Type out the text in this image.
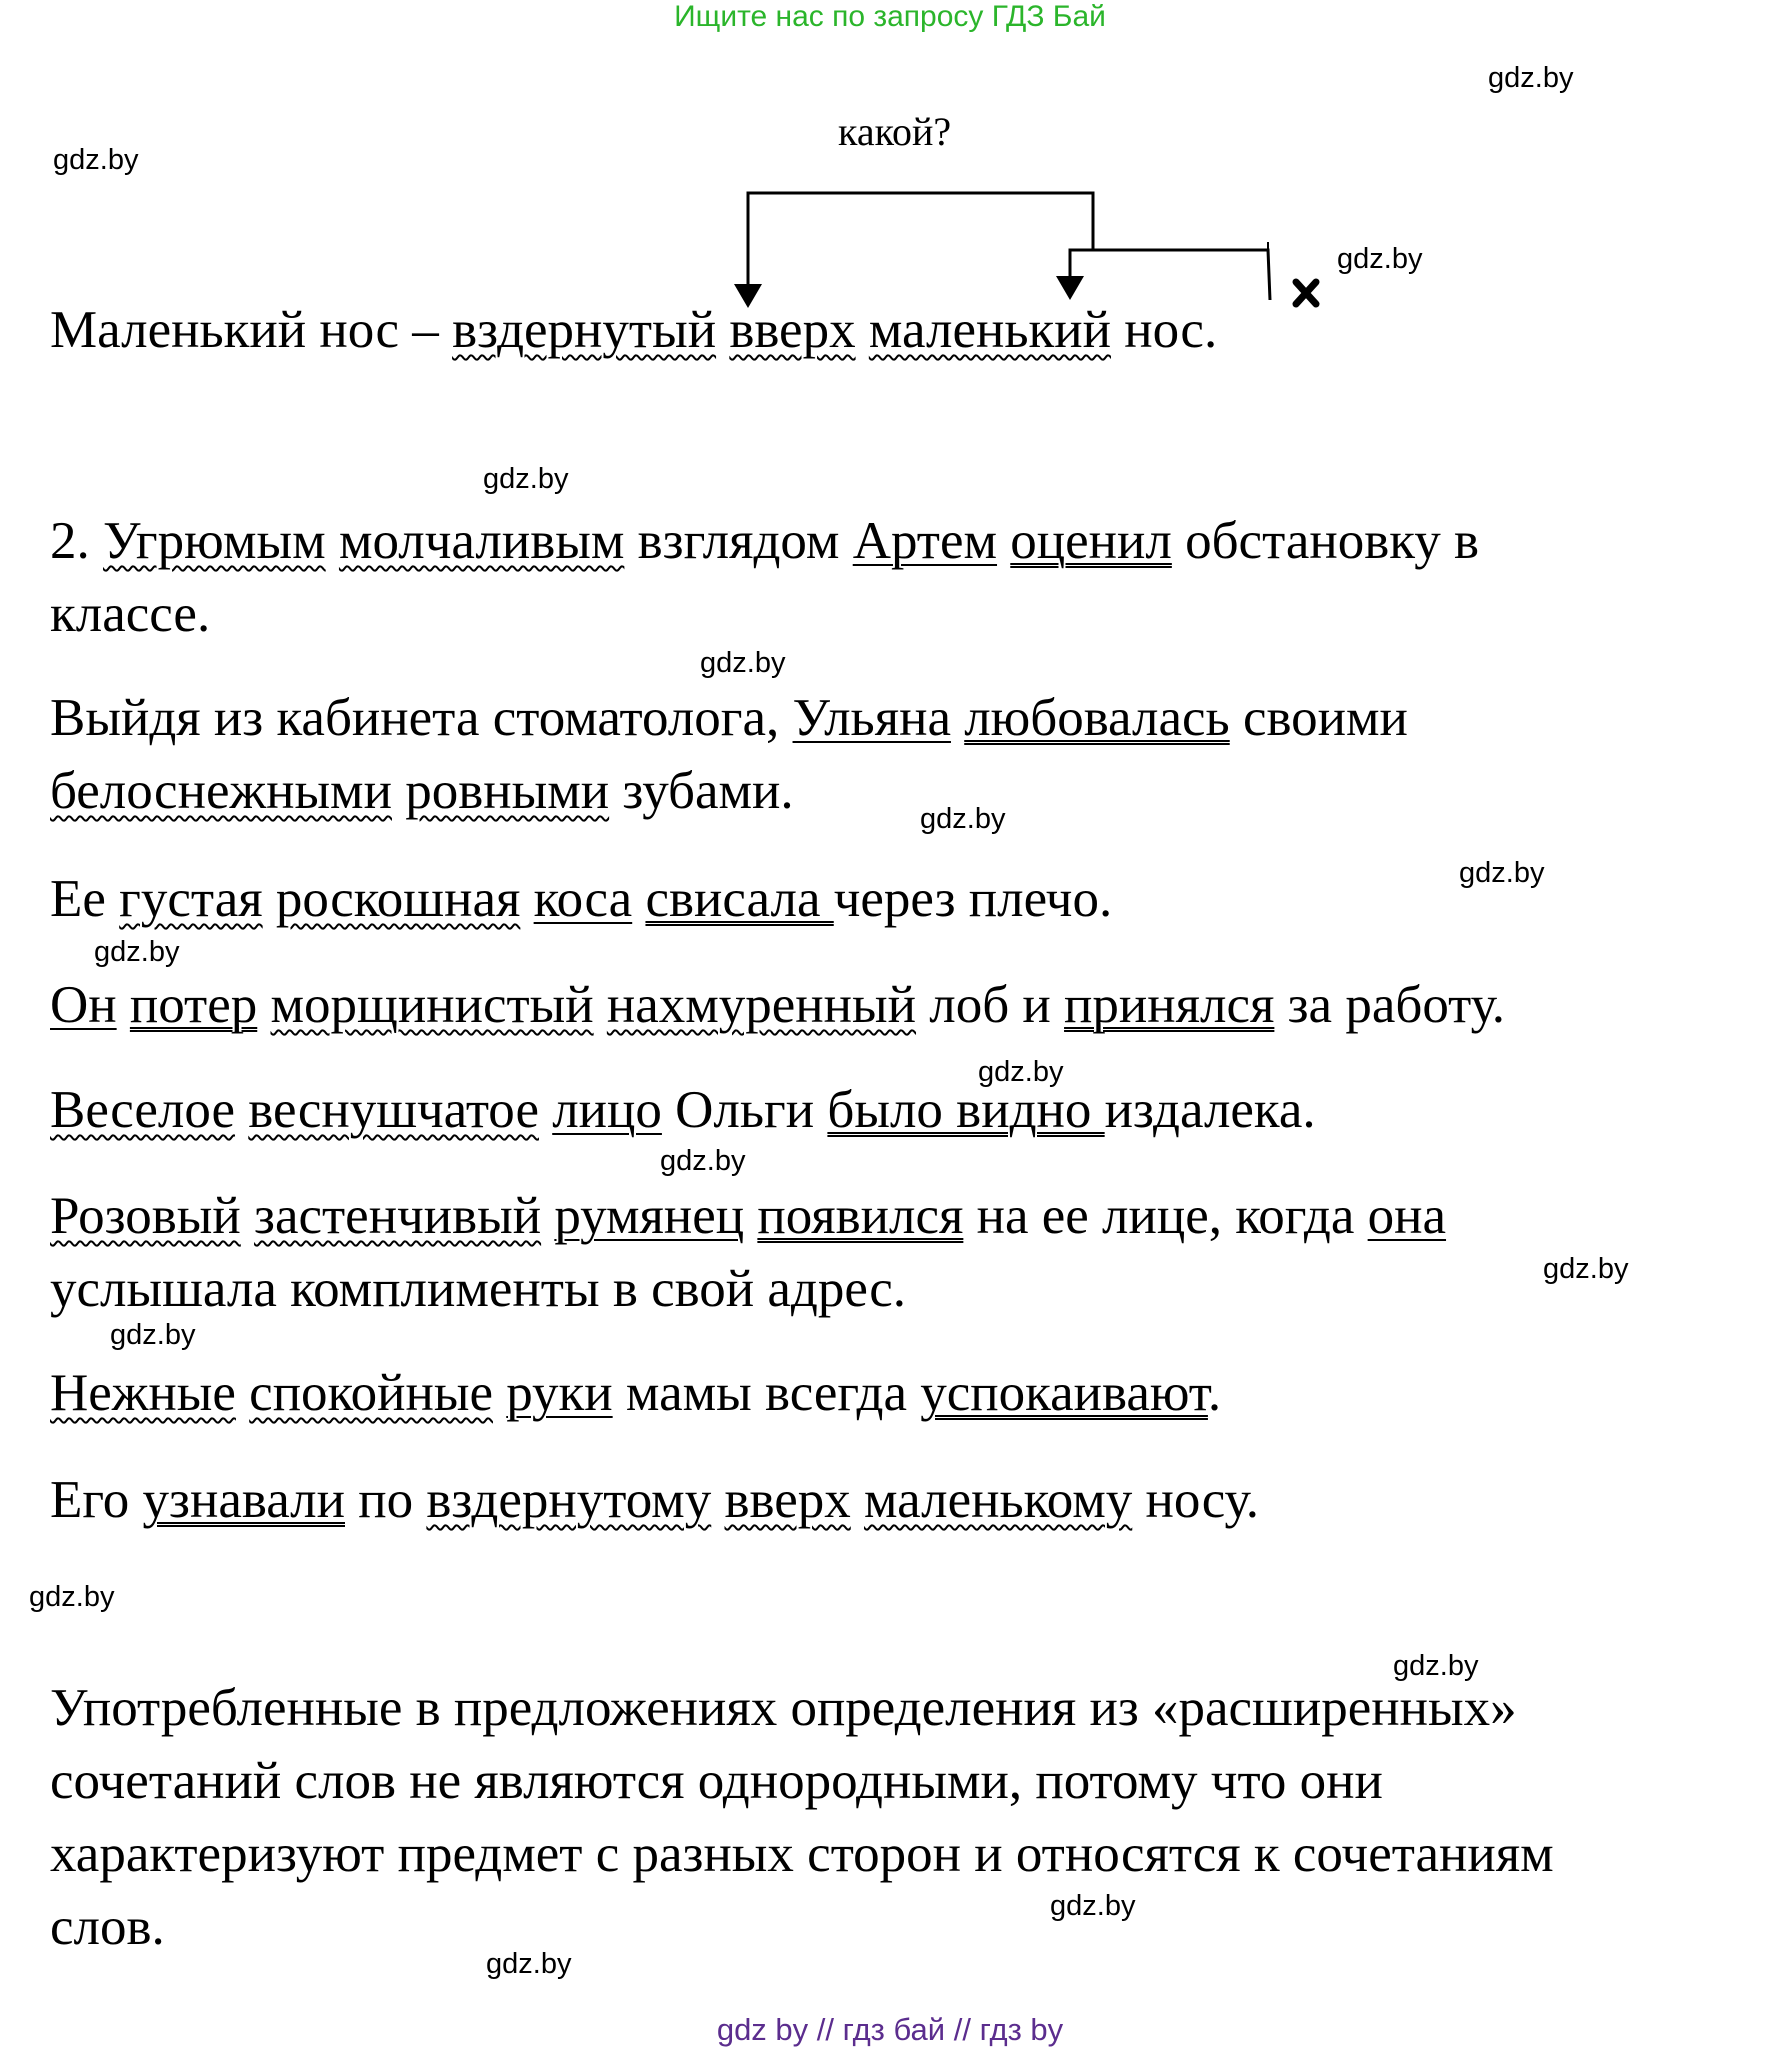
Ищите нас по запросу ГДЗ Бай
gdz.by
gdz.by
gdz.by
gdz.by
gdz.by
gdz.by
gdz.by
gdz.by
gdz.by
gdz.by
gdz.by
gdz.by
gdz.by
gdz.by
gdz.by
gdz.by
какой?
Маленький нос – вздернутый вверх маленький нос.
2. Угрюмым молчаливым взглядом Артем оценил обстановку в
классе.
Выйдя из кабинета стоматолога, Ульяна любовалась своими
белоснежными ровными зубами.
Ее густая роскошная коса свисала через плечо.
Он потер морщинистый нахмуренный лоб и принялся за работу.
Веселое веснушчатое лицо Ольги было видно издалека.
Розовый застенчивый румянец появился на ее лице, когда она
услышала комплименты в свой адрес.
Нежные спокойные руки мамы всегда успокаивают.
Его узнавали по вздернутому вверх маленькому носу.
Употребленные в предложениях определения из «расширенных»
сочетаний слов не являются однородными, потому что они
характеризуют предмет с разных сторон и относятся к сочетаниям
слов.
gdz by // гдз бай // гдз by
